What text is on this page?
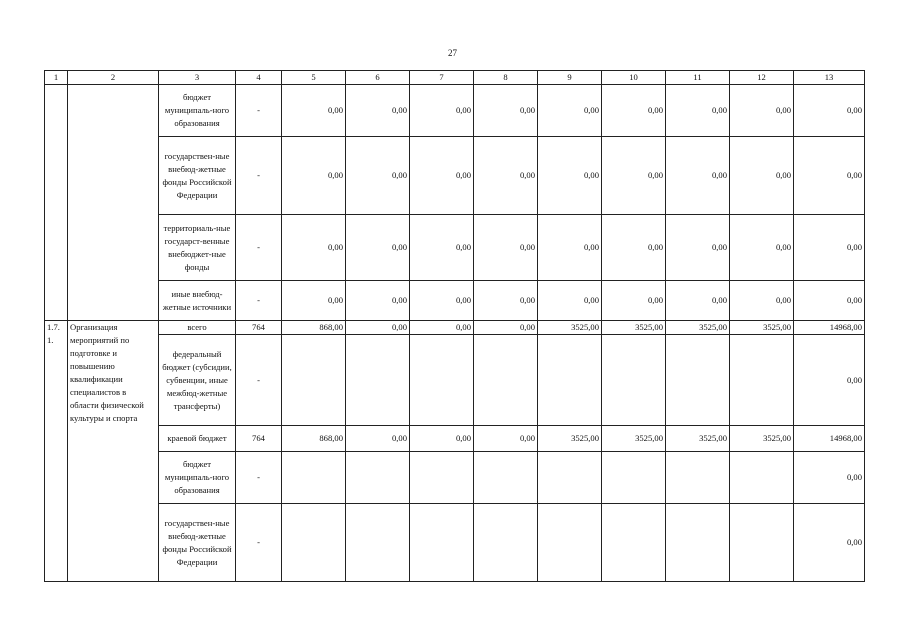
27
1	2	3	4	5	6	7	8	9	10	11	12	13
		бюджет муниципаль-ного образования	-	0,00	0,00	0,00	0,00	0,00	0,00	0,00	0,00	0,00
		государствен-ные внебюд-жетные фонды Российской Федерации	-	0,00	0,00	0,00	0,00	0,00	0,00	0,00	0,00	0,00
		территориаль-ные государст-венные внебюджет-ные фонды	-	0,00	0,00	0,00	0,00	0,00	0,00	0,00	0,00	0,00
		иные внебюд-жетные источники	-	0,00	0,00	0,00	0,00	0,00	0,00	0,00	0,00	0,00
1.7. 1.	Организация мероприятий по подготовке и повышению квалификации специалистов в области физической культуры и спорта	всего	764	868,00	0,00	0,00	0,00	3525,00	3525,00	3525,00	3525,00	14968,00
		федеральный бюджет (субсидии, субвенции, иные межбюд-жетные трансферты)	-									0,00
		краевой бюджет	764	868,00	0,00	0,00	0,00	3525,00	3525,00	3525,00	3525,00	14968,00
		бюджет муниципаль-ного образования	-									0,00
		государствен-ные внебюд-жетные фонды Российской Федерации	-									0,00
